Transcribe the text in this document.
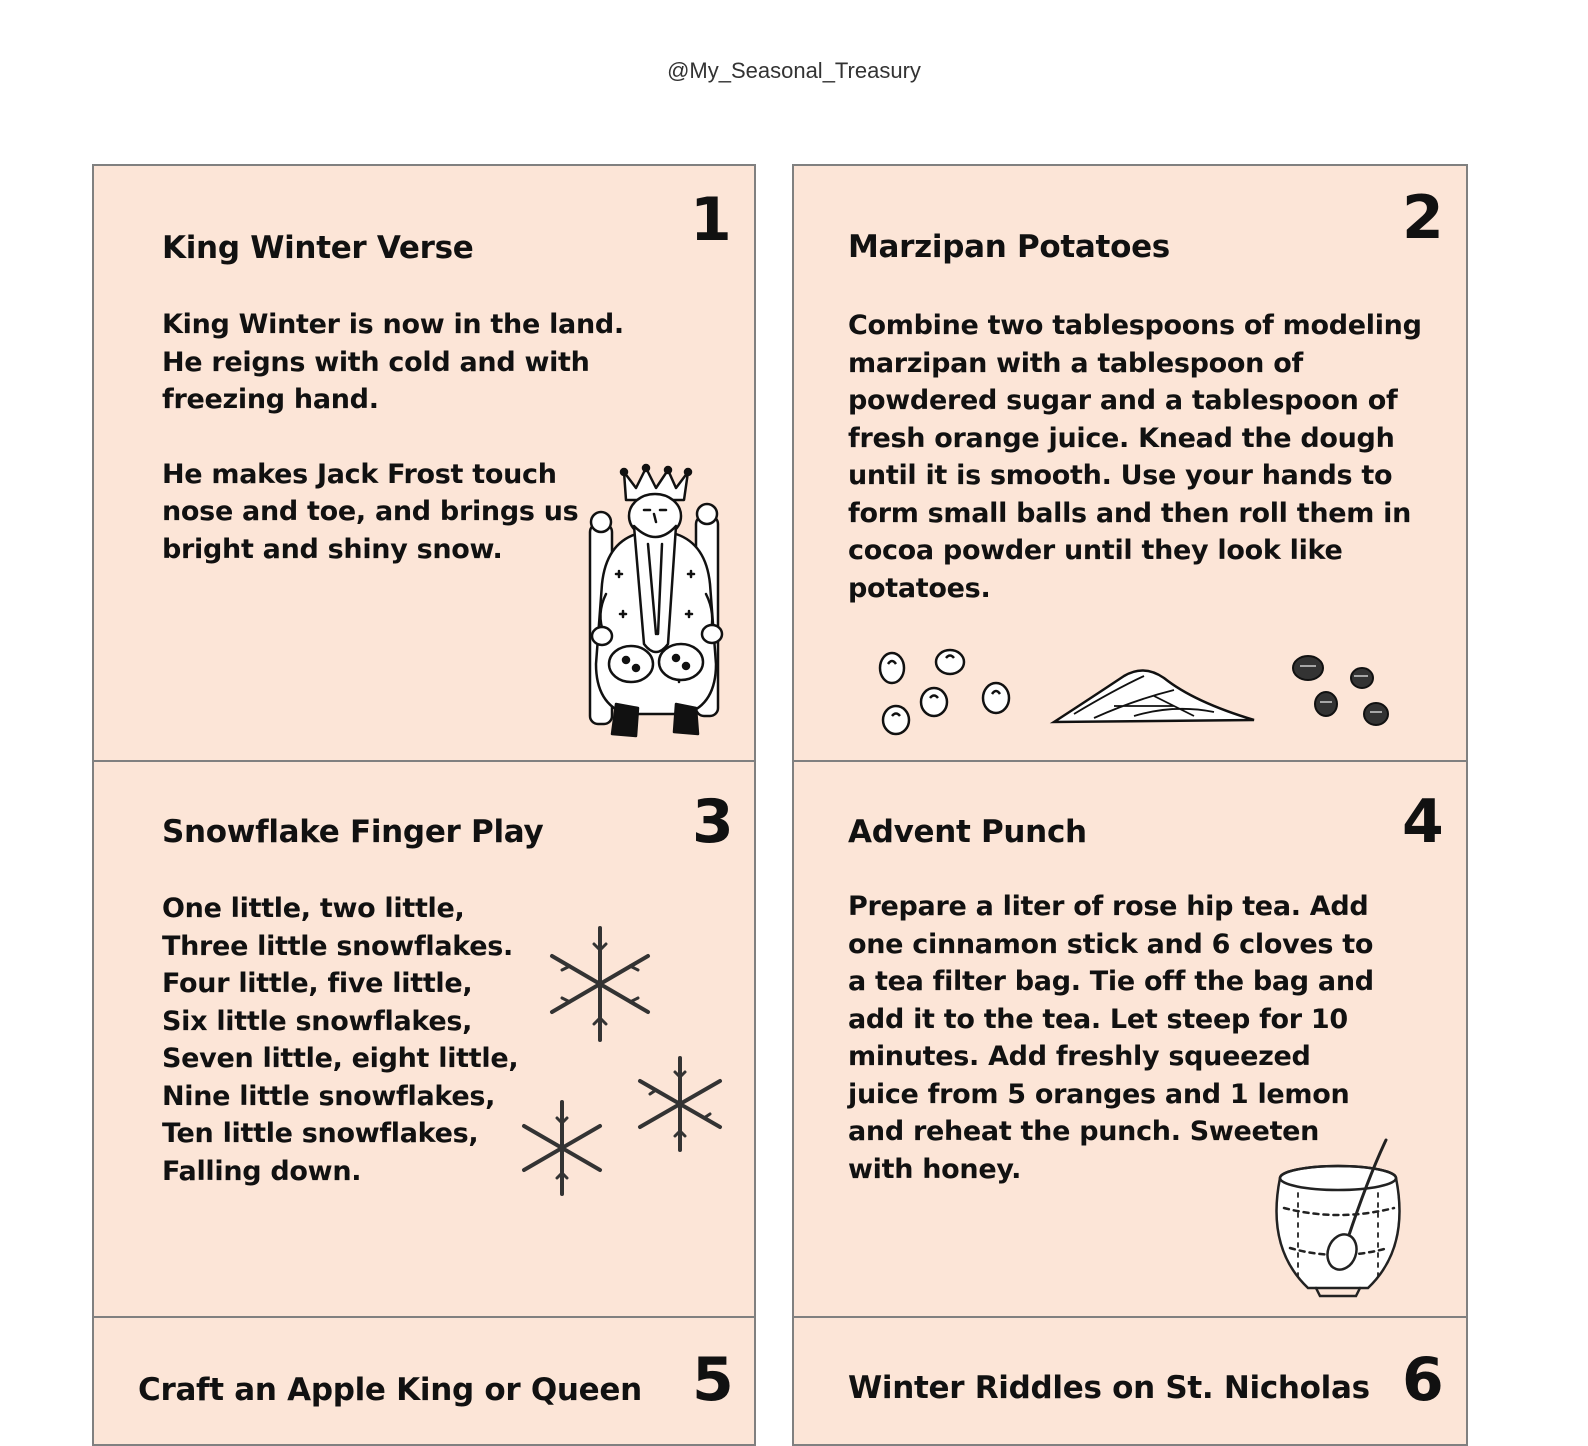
@My_Seasonal_Treasury
1
King Winter Verse

King Winter is now in the land.
He reigns with cold and with
freezing hand.

He makes Jack Frost touch
nose and toe, and brings us
bright and shiny snow.

2
Marzipan Potatoes
Combine two tablespoons of modeling
marzipan with a tablespoon of
powdered sugar and a tablespoon of
fresh orange juice. Knead the dough
until it is smooth. Use your hands to
form small balls and then roll them in
cocoa powder until they look like
potatoes.
3
Snowflake Finger Play
One little, two little,
Three little snowflakes.
Four little, five little,
Six little snowflakes,
Seven little, eight little,
Nine little snowflakes,
Ten little snowflakes,
Falling down.
4
Advent Punch
Prepare a liter of rose hip tea. Add
one cinnamon stick and 6 cloves to
a tea filter bag. Tie off the bag and
add it to the tea. Let steep for 10
minutes. Add freshly squeezed
juice from 5 oranges and 1 lemon
and reheat the punch. Sweeten
with honey.
5
Craft an Apple King or Queen	6
Winter Riddles on St. Nicholas
